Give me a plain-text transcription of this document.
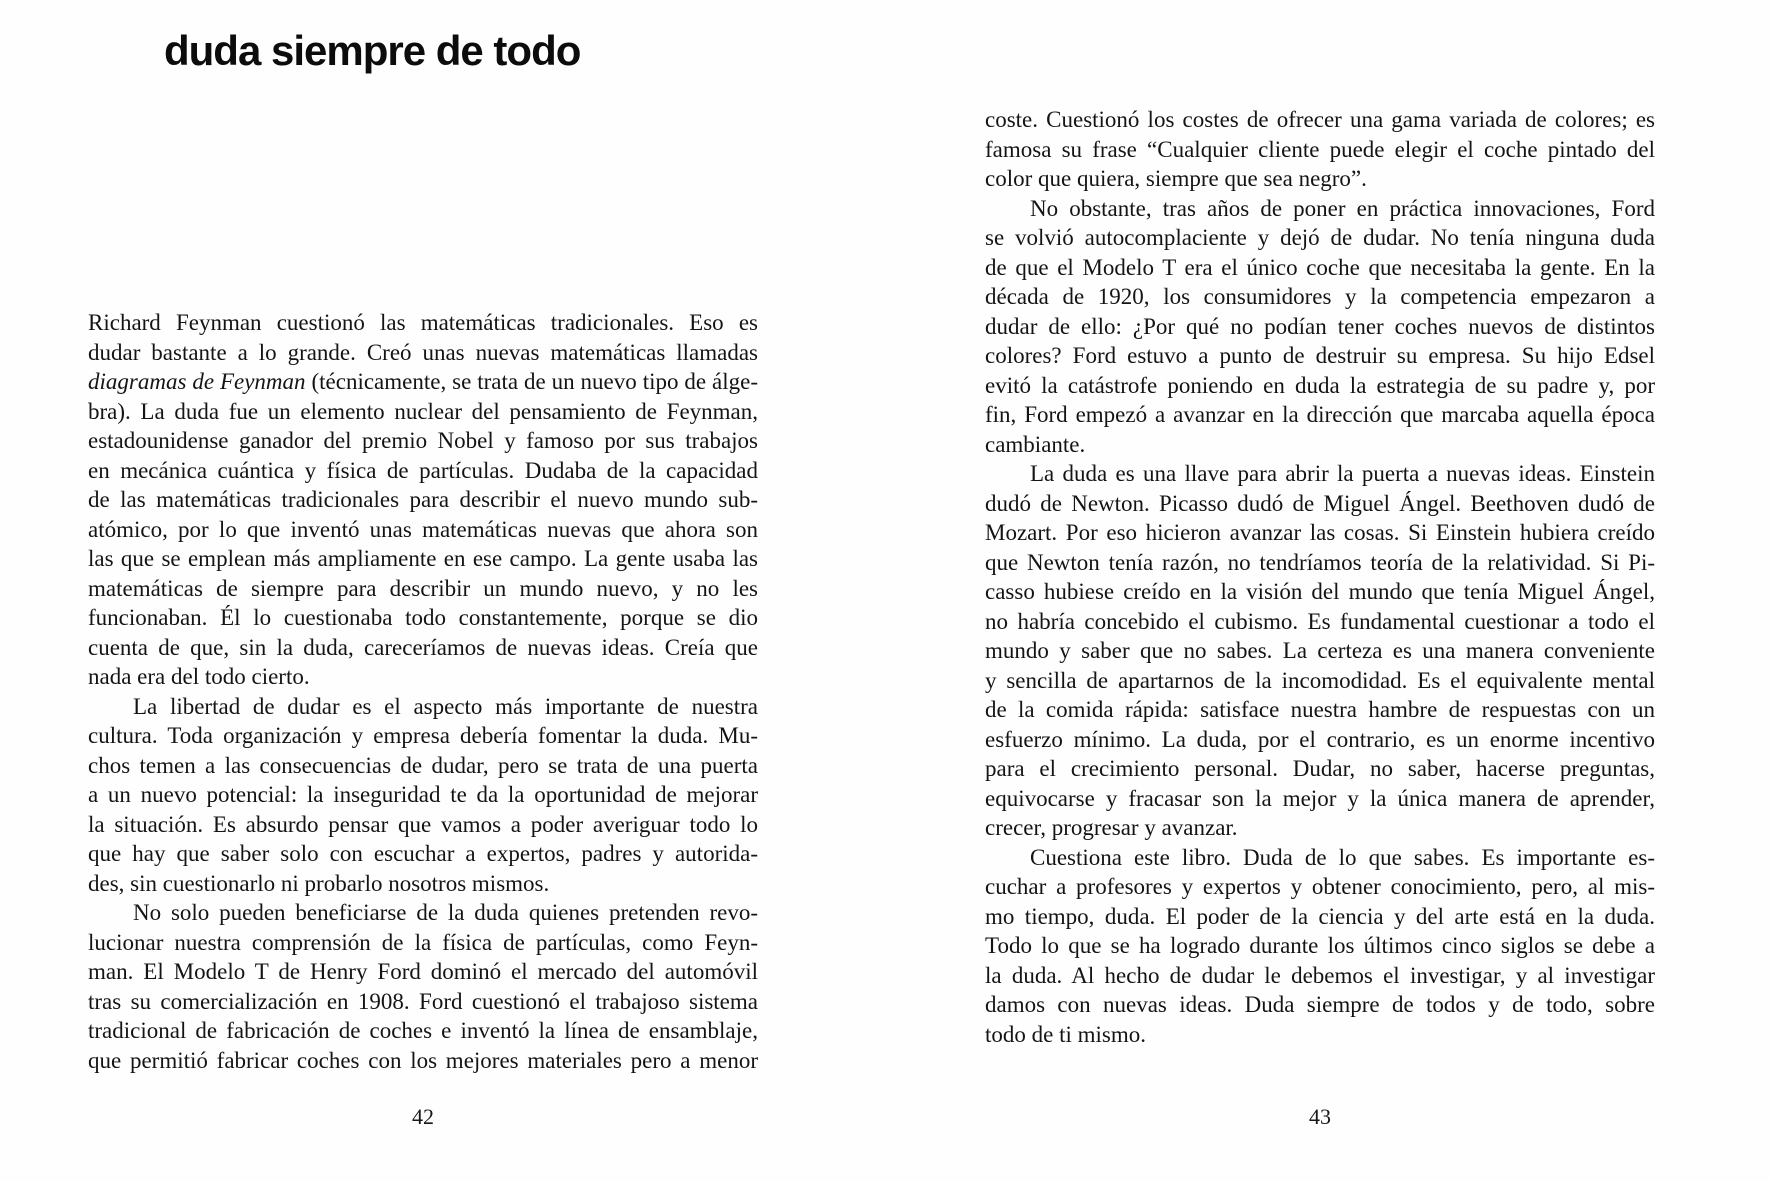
duda siempre de todo
Richard Feynman cuestionó las matemáticas tradicionales. Eso es
dudar bastante a lo grande. Creó unas nuevas matemáticas llamadas
diagramas de Feynman (técnicamente, se trata de un nuevo tipo de álge-
bra). La duda fue un elemento nuclear del pensamiento de Feynman,
estadounidense ganador del premio Nobel y famoso por sus trabajos
en mecánica cuántica y física de partículas. Dudaba de la capacidad
de las matemáticas tradicionales para describir el nuevo mundo sub-
atómico, por lo que inventó unas matemáticas nuevas que ahora son
las que se emplean más ampliamente en ese campo. La gente usaba las
matemáticas de siempre para describir un mundo nuevo, y no les
funcionaban. Él lo cuestionaba todo constantemente, porque se dio
cuenta de que, sin la duda, careceríamos de nuevas ideas. Creía que
nada era del todo cierto.
La libertad de dudar es el aspecto más importante de nuestra
cultura. Toda organización y empresa debería fomentar la duda. Mu-
chos temen a las consecuencias de dudar, pero se trata de una puerta
a un nuevo potencial: la inseguridad te da la oportunidad de mejorar
la situación. Es absurdo pensar que vamos a poder averiguar todo lo
que hay que saber solo con escuchar a expertos, padres y autorida-
des, sin cuestionarlo ni probarlo nosotros mismos.
No solo pueden beneficiarse de la duda quienes pretenden revo-
lucionar nuestra comprensión de la física de partículas, como Feyn-
man. El Modelo T de Henry Ford dominó el mercado del automóvil
tras su comercialización en 1908. Ford cuestionó el trabajoso sistema
tradicional de fabricación de coches e inventó la línea de ensamblaje,
que permitió fabricar coches con los mejores materiales pero a menor
42
coste. Cuestionó los costes de ofrecer una gama variada de colores; es
famosa su frase “Cualquier cliente puede elegir el coche pintado del
color que quiera, siempre que sea negro”.
No obstante, tras años de poner en práctica innovaciones, Ford
se volvió autocomplaciente y dejó de dudar. No tenía ninguna duda
de que el Modelo T era el único coche que necesitaba la gente. En la
década de 1920, los consumidores y la competencia empezaron a
dudar de ello: ¿Por qué no podían tener coches nuevos de distintos
colores? Ford estuvo a punto de destruir su empresa. Su hijo Edsel
evitó la catástrofe poniendo en duda la estrategia de su padre y, por
fin, Ford empezó a avanzar en la dirección que marcaba aquella época
cambiante.
La duda es una llave para abrir la puerta a nuevas ideas. Einstein
dudó de Newton. Picasso dudó de Miguel Ángel. Beethoven dudó de
Mozart. Por eso hicieron avanzar las cosas. Si Einstein hubiera creído
que Newton tenía razón, no tendríamos teoría de la relatividad. Si Pi-
casso hubiese creído en la visión del mundo que tenía Miguel Ángel,
no habría concebido el cubismo. Es fundamental cuestionar a todo el
mundo y saber que no sabes. La certeza es una manera conveniente
y sencilla de apartarnos de la incomodidad. Es el equivalente mental
de la comida rápida: satisface nuestra hambre de respuestas con un
esfuerzo mínimo. La duda, por el contrario, es un enorme incentivo
para el crecimiento personal. Dudar, no saber, hacerse preguntas,
equivocarse y fracasar son la mejor y la única manera de aprender,
crecer, progresar y avanzar.
Cuestiona este libro. Duda de lo que sabes. Es importante es-
cuchar a profesores y expertos y obtener conocimiento, pero, al mis-
mo tiempo, duda. El poder de la ciencia y del arte está en la duda.
Todo lo que se ha logrado durante los últimos cinco siglos se debe a
la duda. Al hecho de dudar le debemos el investigar, y al investigar
damos con nuevas ideas. Duda siempre de todos y de todo, sobre
todo de ti mismo.
43
